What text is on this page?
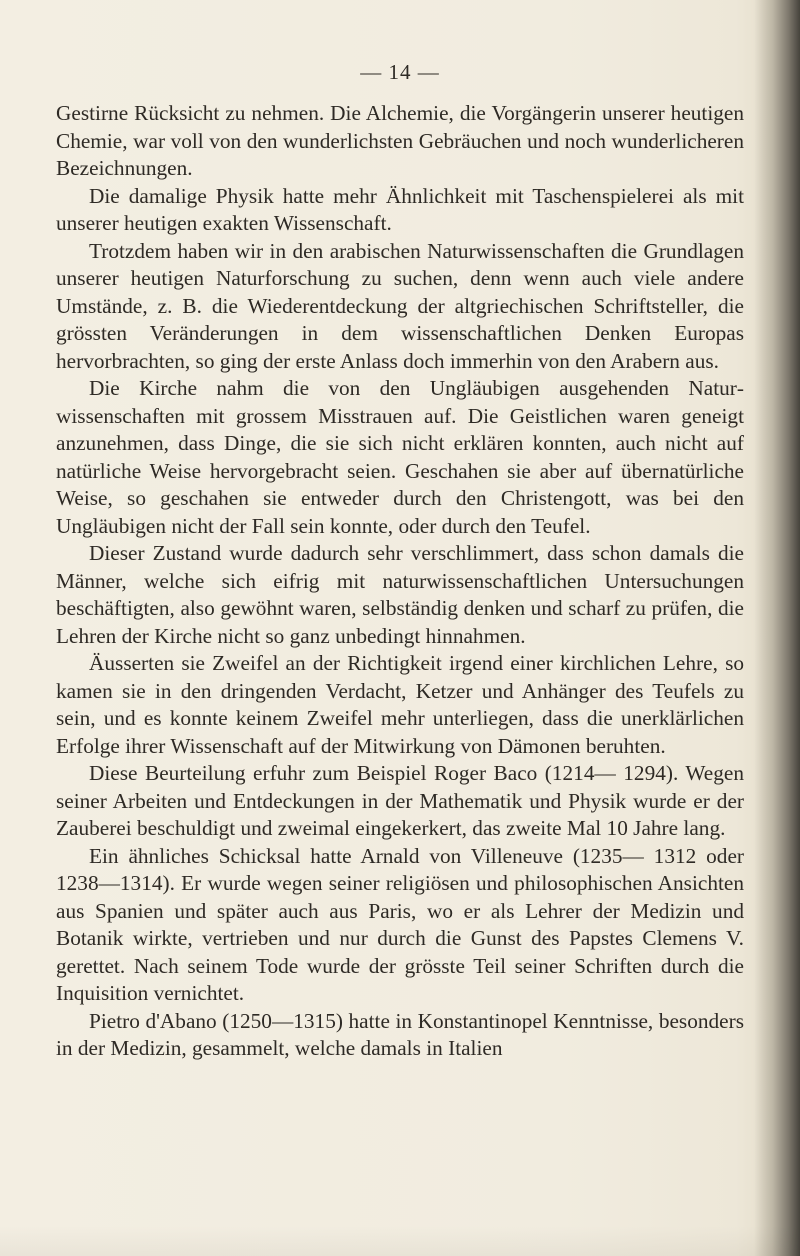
— 14 —

Gestirne Rücksicht zu nehmen. Die Alchemie, die Vorgängerin unserer heutigen Chemie, war voll von den wunderlichsten Gebräuchen und noch wunderlicheren Bezeichnungen.

Die damalige Physik hatte mehr Ähnlichkeit mit Taschenspielerei als mit unserer heutigen exakten Wissenschaft.

Trotzdem haben wir in den arabischen Naturwissenschaften die Grundlagen unserer heutigen Naturforschung zu suchen, denn wenn auch viele andere Umstände, z. B. die Wiederentdeckung der altgriechischen Schriftsteller, die grössten Veränderungen in dem wissenschaftlichen Denken Europas hervorbrachten, so ging der erste Anlass doch immerhin von den Arabern aus.

Die Kirche nahm die von den Ungläubigen ausgehenden Naturwissenschaften mit grossem Misstrauen auf. Die Geistlichen waren geneigt anzunehmen, dass Dinge, die sie sich nicht erklären konnten, auch nicht auf natürliche Weise hervorgebracht seien. Geschahen sie aber auf übernatürliche Weise, so geschahen sie entweder durch den Christengott, was bei den Ungläubigen nicht der Fall sein konnte, oder durch den Teufel.

Dieser Zustand wurde dadurch sehr verschlimmert, dass schon damals die Männer, welche sich eifrig mit naturwissenschaftlichen Untersuchungen beschäftigten, also gewöhnt waren, selbständig denken und scharf zu prüfen, die Lehren der Kirche nicht so ganz unbedingt hinnahmen.

Äusserten sie Zweifel an der Richtigkeit irgend einer kirchlichen Lehre, so kamen sie in den dringenden Verdacht, Ketzer und Anhänger des Teufels zu sein, und es konnte keinem Zweifel mehr unterliegen, dass die unerklärlichen Erfolge ihrer Wissenschaft auf der Mitwirkung von Dämonen beruhten.

Diese Beurteilung erfuhr zum Beispiel Roger Baco (1214— 1294). Wegen seiner Arbeiten und Entdeckungen in der Mathematik und Physik wurde er der Zauberei beschuldigt und zweimal eingekerkert, das zweite Mal 10 Jahre lang.

Ein ähnliches Schicksal hatte Arnald von Villeneuve (1235— 1312 oder 1238—1314). Er wurde wegen seiner religiösen und philosophischen Ansichten aus Spanien und später auch aus Paris, wo er als Lehrer der Medizin und Botanik wirkte, vertrieben und nur durch die Gunst des Papstes Clemens V. gerettet. Nach seinem Tode wurde der grösste Teil seiner Schriften durch die Inquisition vernichtet.

Pietro d'Abano (1250—1315) hatte in Konstantinopel Kenntnisse, besonders in der Medizin, gesammelt, welche damals in Italien
